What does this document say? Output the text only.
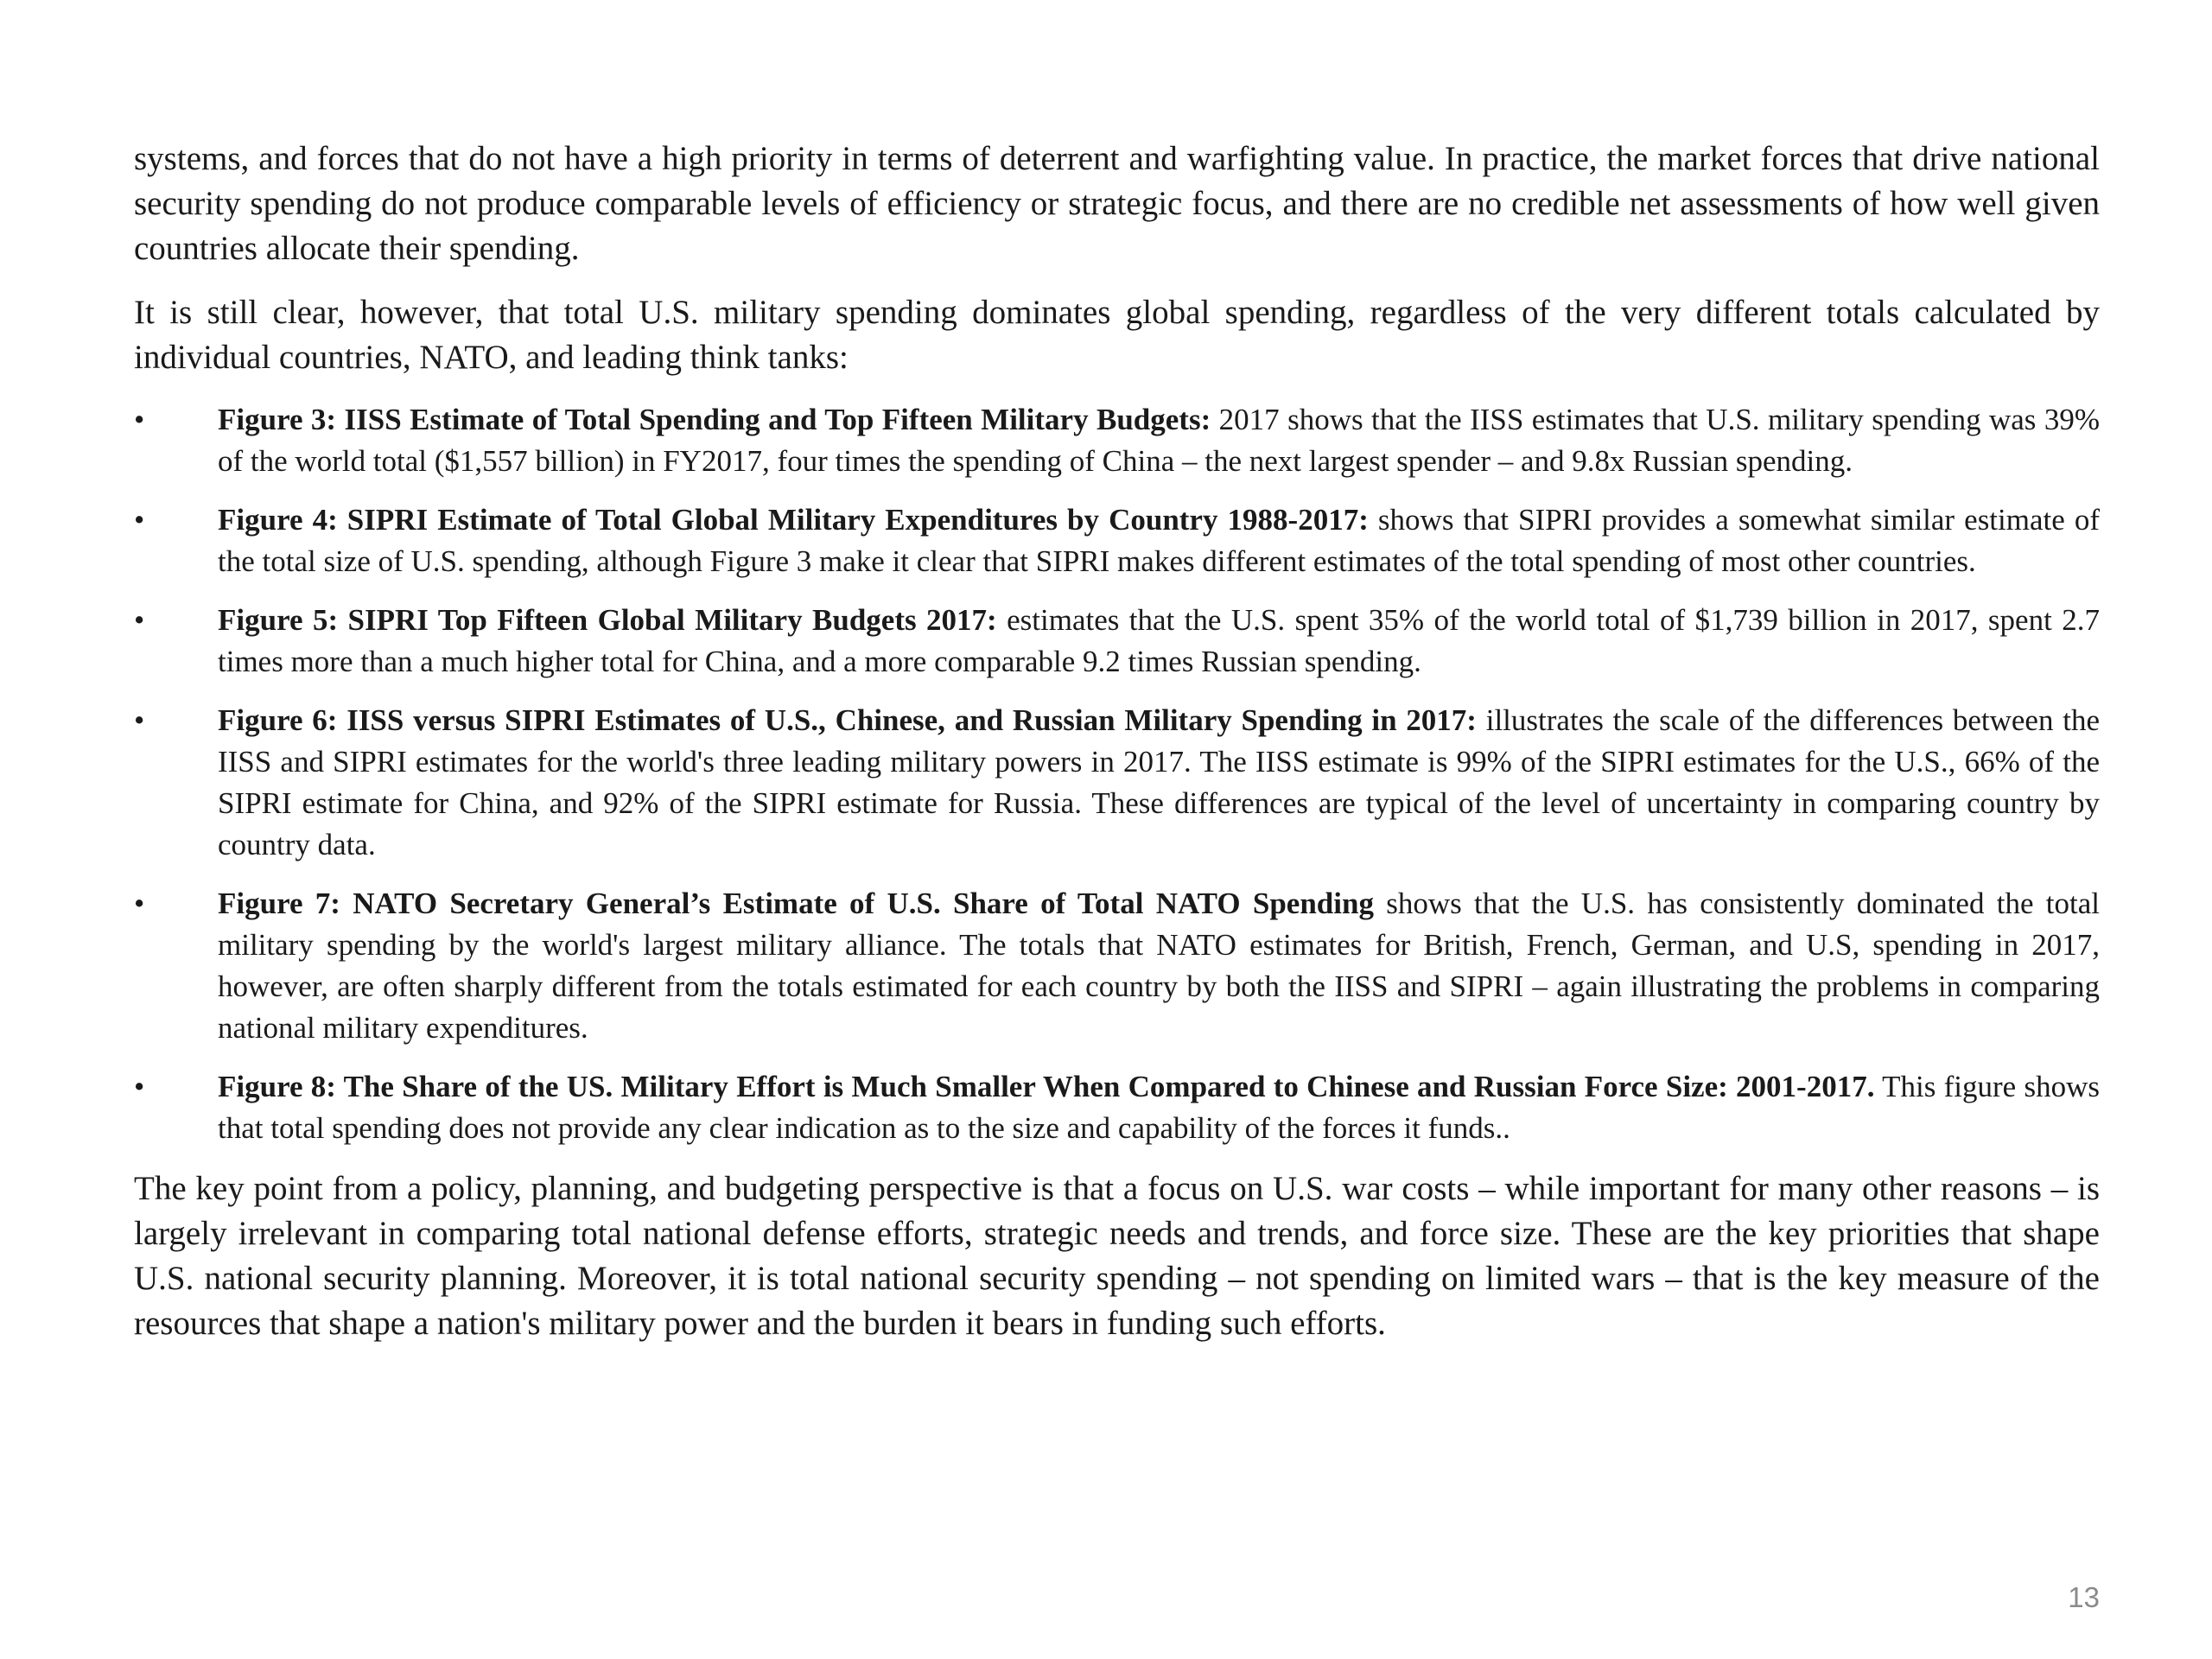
systems, and forces that do not have a high priority in terms of deterrent and warfighting value. In practice, the market forces that drive national security spending do not produce comparable levels of efficiency or strategic focus, and there are no credible net assessments of how well given countries allocate their spending.

It is still clear, however, that total U.S. military spending dominates global spending, regardless of the very different totals calculated by individual countries, NATO, and leading think tanks:

•	Figure 3: IISS Estimate of Total Spending and Top Fifteen Military Budgets: 2017 shows that the IISS estimates that U.S. military spending was 39% of the world total ($1,557 billion) in FY2017, four times the spending of China – the next largest spender – and 9.8x Russian spending.
•	Figure 4: SIPRI Estimate of Total Global Military Expenditures by Country 1988-2017: shows that SIPRI provides a somewhat similar estimate of the total size of U.S. spending, although Figure 3 make it clear that SIPRI makes different estimates of the total spending of most other countries.
•	Figure 5: SIPRI Top Fifteen Global Military Budgets 2017: estimates that the U.S. spent 35% of the world total of $1,739 billion in 2017, spent 2.7 times more than a much higher total for China, and a more comparable 9.2 times Russian spending.
•	Figure 6: IISS versus SIPRI Estimates of U.S., Chinese, and Russian Military Spending in 2017: illustrates the scale of the differences between the IISS and SIPRI estimates for the world's three leading military powers in 2017. The IISS estimate is 99% of the SIPRI estimates for the U.S., 66% of the SIPRI estimate for China, and 92% of the SIPRI estimate for Russia. These differences are typical of the level of uncertainty in comparing country by country data.
•	Figure 7: NATO Secretary General’s Estimate of U.S. Share of Total NATO Spending shows that the U.S. has consistently dominated the total military spending by the world's largest military alliance. The totals that NATO estimates for British, French, German, and U.S, spending in 2017, however, are often sharply different from the totals estimated for each country by both the IISS and SIPRI – again illustrating the problems in comparing national military expenditures.
•	Figure 8: The Share of the US. Military Effort is Much Smaller When Compared to Chinese and Russian Force Size: 2001-2017. This figure shows that total spending does not provide any clear indication as to the size and capability of the forces it funds..

The key point from a policy, planning, and budgeting perspective is that a focus on U.S. war costs – while important for many other reasons – is largely irrelevant in comparing total national defense efforts, strategic needs and trends, and force size. These are the key priorities that shape U.S. national security planning. Moreover, it is total national security spending – not spending on limited wars – that is the key measure of the resources that shape a nation's military power and the burden it bears in funding such efforts.

13
